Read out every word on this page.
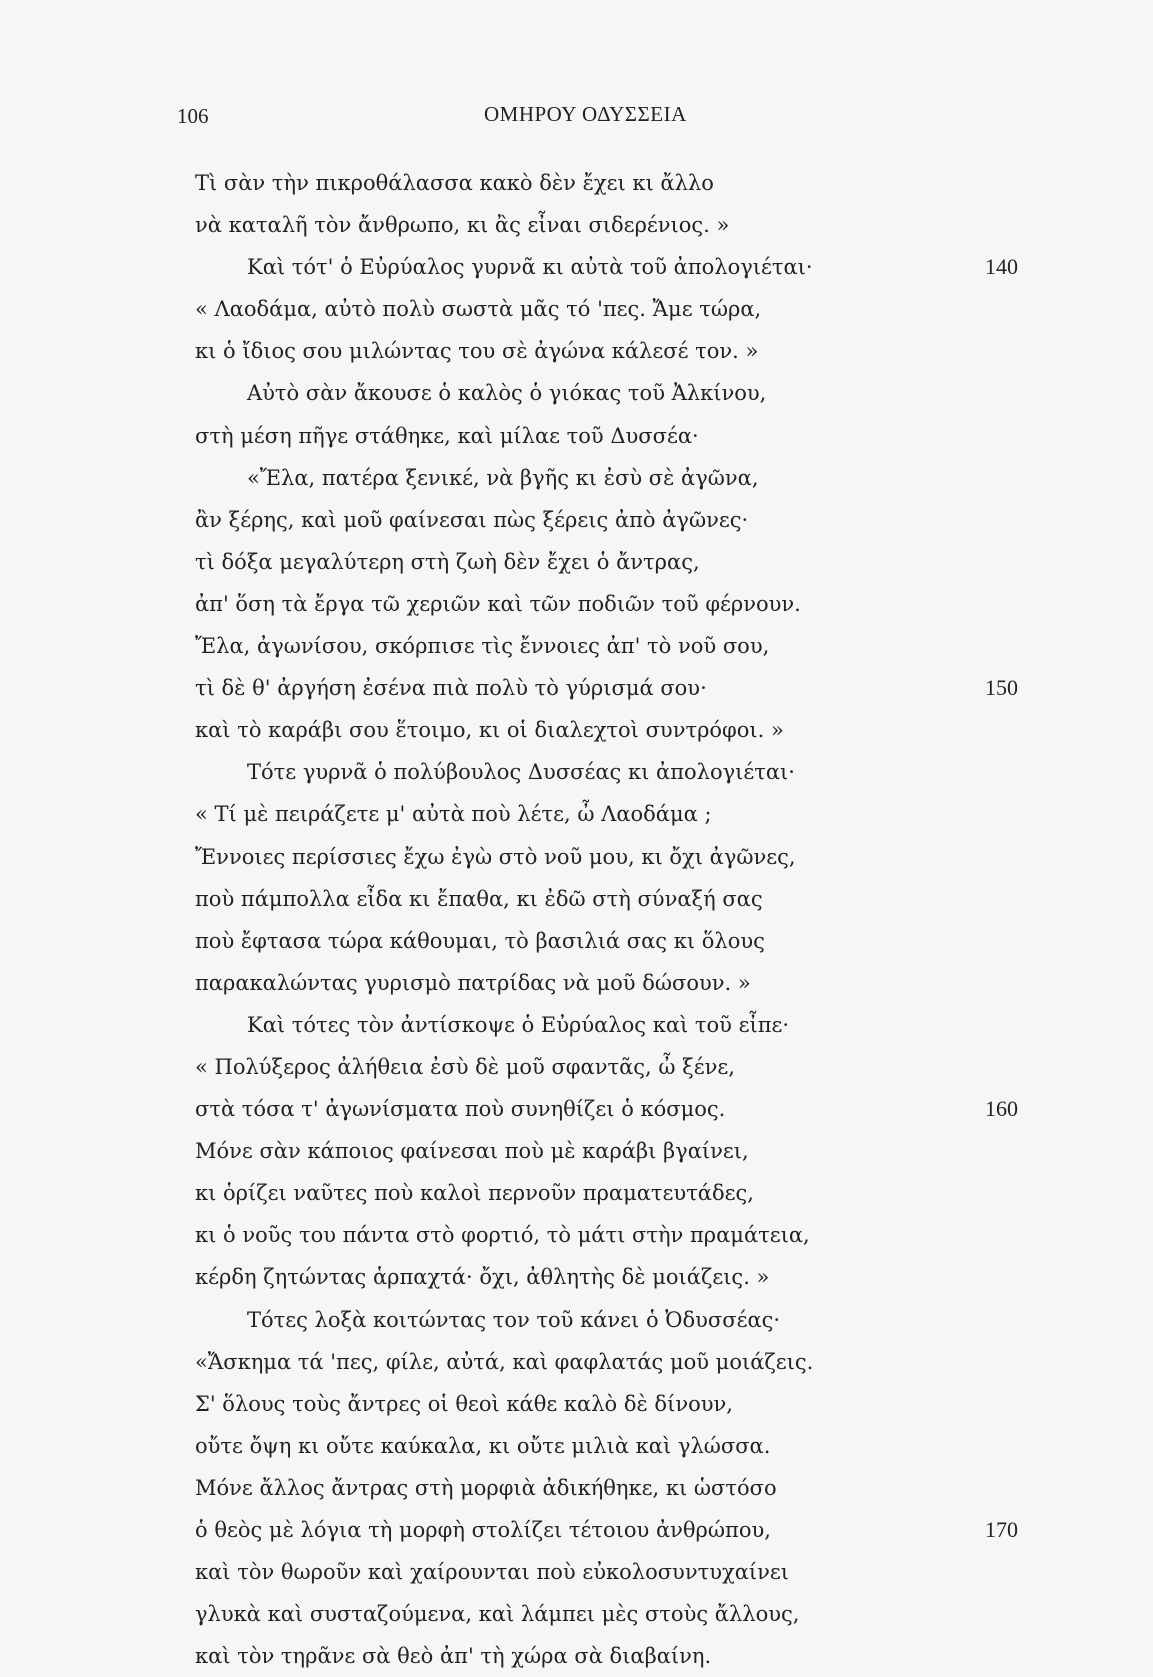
106	ΟΜΗΡΟΥ ΟΔΥΣΣΕΙΑ
Τὶ σὰν τὴν πικροθάλασσα κακὸ δὲν ἔχει κι ἄλλο
νὰ καταλῆ τὸν ἄνθρωπο, κι ἂς εἶναι σιδερένιος. »
Καὶ τότ' ὁ Εὐρύαλος γυρνᾶ κι αὐτὰ τοῦ ἀπολογιέται·
« Λαοδάμα, αὐτὸ πολὺ σωστὰ μᾶς τό 'πες. Ἄμε τώρα,
κι ὁ ἴδιος σου μιλώντας του σὲ ἀγώνα κάλεσέ τον. »
Αὐτὸ σὰν ἄκουσε ὁ καλὸς ὁ γιόκας τοῦ Ἀλκίνου,
στὴ μέση πῆγε στάθηκε, καὶ μίλαε τοῦ Δυσσέα·
«Ἔλα, πατέρα ξενικέ, νὰ βγῆς κι ἐσὺ σὲ ἀγῶνα,
ἂν ξέρης, καὶ μοῦ φαίνεσαι πὼς ξέρεις ἀπὸ ἀγῶνες·
τὶ δόξα μεγαλύτερη στὴ ζωὴ δὲν ἔχει ὁ ἄντρας,
ἀπ' ὅση τὰ ἔργα τῶ χεριῶν καὶ τῶν ποδιῶν τοῦ φέρνουν.
Ἔλα, ἀγωνίσου, σκόρπισε τὶς ἔννοιες ἀπ' τὸ νοῦ σου,
τὶ δὲ θ' ἀργήση ἐσένα πιὰ πολὺ τὸ γύρισμά σου·
καὶ τὸ καράβι σου ἕτοιμο, κι οἱ διαλεχτοὶ συντρόφοι. »
Τότε γυρνᾶ ὁ πολύβουλος Δυσσέας κι ἀπολογιέται·
« Τί μὲ πειράζετε μ' αὐτὰ ποὺ λέτε, ὦ Λαοδάμα ;
Ἔννοιες περίσσιες ἔχω ἐγὼ στὸ νοῦ μου, κι ὄχι ἀγῶνες,
ποὺ πάμπολλα εἶδα κι ἔπαθα, κι ἐδῶ στὴ σύναξή σας
ποὺ ἔφτασα τώρα κάθουμαι, τὸ βασιλιά σας κι ὅλους
παρακαλώντας γυρισμὸ πατρίδας νὰ μοῦ δώσουν. »
Καὶ τότες τὸν ἀντίσκοψε ὁ Εὐρύαλος καὶ τοῦ εἶπε·
« Πολύξερος ἀλήθεια ἐσὺ δὲ μοῦ σφαντᾶς, ὦ ξένε,
στὰ τόσα τ' ἀγωνίσματα ποὺ συνηθίζει ὁ κόσμος.
Μόνε σὰν κάποιος φαίνεσαι ποὺ μὲ καράβι βγαίνει,
κι ὁρίζει ναῦτες ποὺ καλοὶ περνοῦν πραματευτάδες,
κι ὁ νοῦς του πάντα στὸ φορτιό, τὸ μάτι στὴν πραμάτεια,
κέρδη ζητώντας ἁρπαχτά· ὄχι, ἀθλητὴς δὲ μοιάζεις. »
Τότες λοξὰ κοιτώντας τον τοῦ κάνει ὁ Ὀδυσσέας·
«Ἄσκημα τά 'πες, φίλε, αὐτά, καὶ φαφλατάς μοῦ μοιάζεις.
Σ' ὅλους τοὺς ἄντρες οἱ θεοὶ κάθε καλὸ δὲ δίνουν,
οὔτε ὄψη κι οὔτε καύκαλα, κι οὔτε μιλιὰ καὶ γλώσσα.
Μόνε ἄλλος ἄντρας στὴ μορφιὰ ἀδικήθηκε, κι ὡστόσο
ὁ θεὸς μὲ λόγια τὴ μορφὴ στολίζει τέτοιου ἀνθρώπου,
καὶ τὸν θωροῦν καὶ χαίρουνται ποὺ εὐκολοσυντυχαίνει
γλυκὰ καὶ συσταζούμενα, καὶ λάμπει μὲς στοὺς ἄλλους,
καὶ τὸν τηρᾶνε σὰ θεὸ ἀπ' τὴ χώρα σὰ διαβαίνη.
140
150
160
170
